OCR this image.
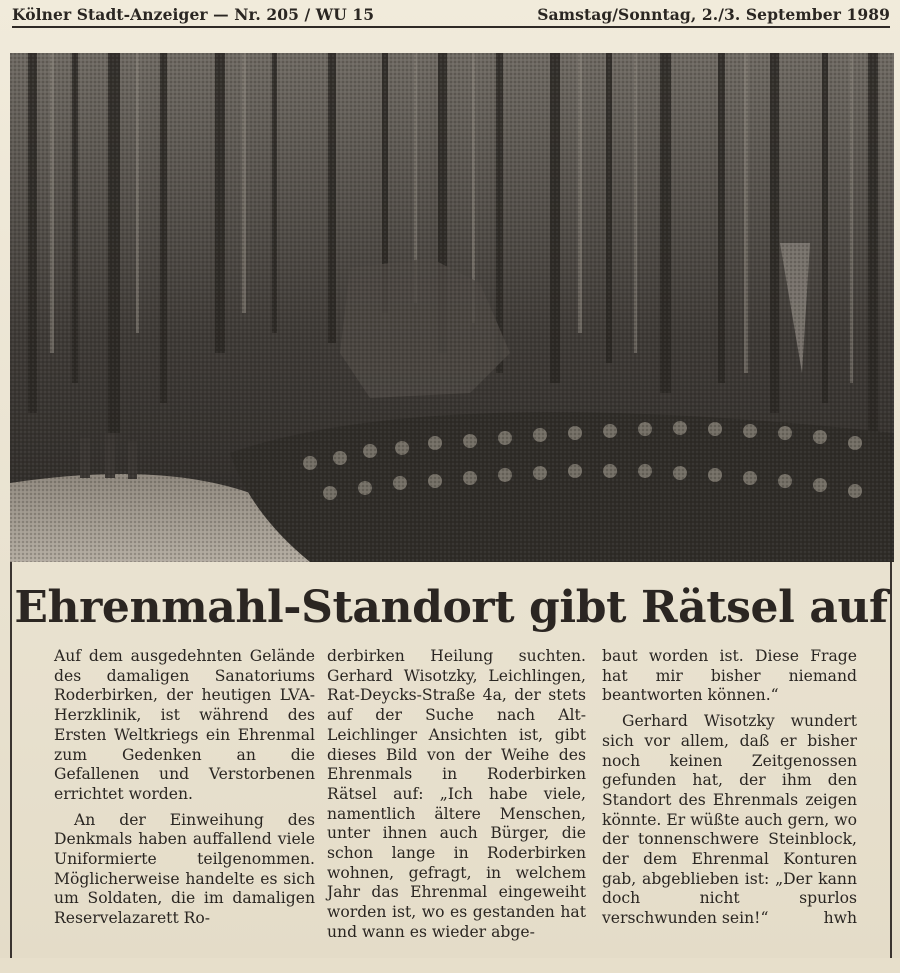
Kölner Stadt-Anzeiger — Nr. 205 / WU 15	Samstag/Sonntag, 2./3. September 1989
Ehrenmahl-Standort gibt Rätsel auf

Auf dem ausgedehnten Gelände des damaligen Sanatoriums Roderbirken, der heutigen LVA-Herzklinik, ist während des Ersten Weltkriegs ein Ehrenmal zum Gedenken an die Gefallenen und Verstorbenen errichtet worden.

An der Einweihung des Denkmals haben auffallend viele Uniformierte teilgenommen. Möglicherweise handelte es sich um Soldaten, die im damaligen Reservelazarett Ro-

derbirken Heilung suchten. Gerhard Wisotzky, Leichlingen, Rat-Deycks-Straße 4a, der stets auf der Suche nach Alt-Leichlinger Ansichten ist, gibt dieses Bild von der Weihe des Ehrenmals in Roderbirken Rätsel auf: „Ich habe viele, namentlich ältere Menschen, unter ihnen auch Bürger, die schon lange in Roderbirken wohnen, gefragt, in welchem Jahr das Ehrenmal eingeweiht worden ist, wo es gestanden hat und wann es wieder abge-

baut worden ist. Diese Frage hat mir bisher niemand beantworten können.“

Gerhard Wisotzky wundert sich vor allem, daß er bisher noch keinen Zeitgenossen gefunden hat, der ihm den Standort des Ehrenmals zeigen könnte. Er wüßte auch gern, wo der tonnenschwere Steinblock, der dem Ehrenmal Konturen gab, abgeblieben ist: „Der kann doch nicht spurlos verschwunden sein!“	hwh
